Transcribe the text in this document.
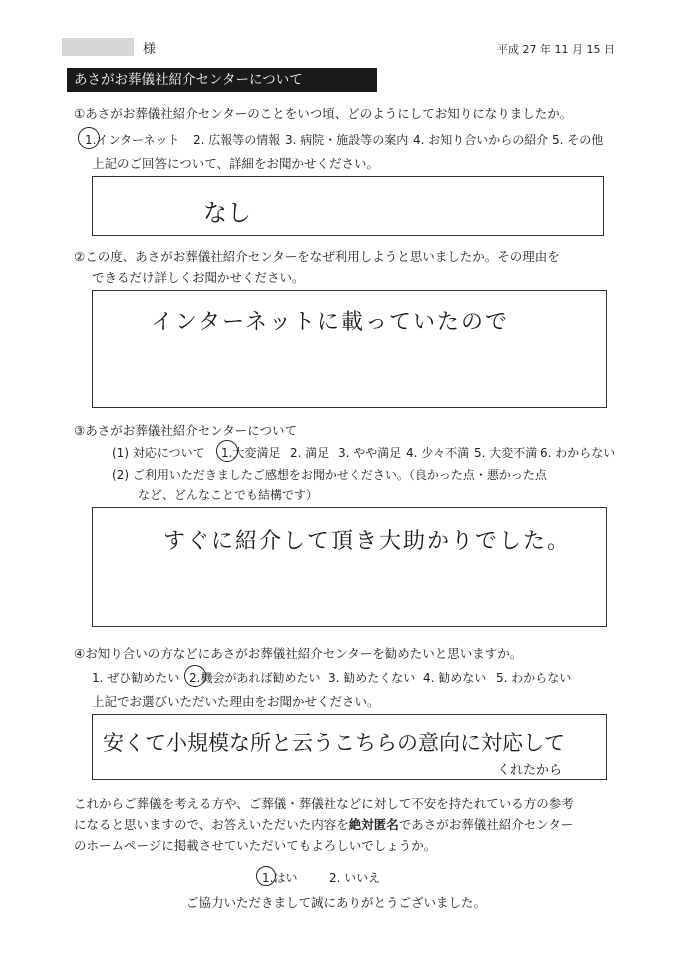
様	平成 27 年 11 月 15 日
あさがお葬儀社紹介センターについて
①あさがお葬儀社紹介センターのことをいつ頃、どのようにしてお知りになりましたか。
1.インターネット 2. 広報等の情報 3. 病院・施設等の案内 4. お知り合いからの紹介 5. その他
上記のご回答について、詳細をお聞かせください。
なし
②この度、あさがお葬儀社紹介センターをなぜ利用しようと思いましたか。その理由を
できるだけ詳しくお聞かせください。
インターネットに載っていたので
③あさがお葬儀社紹介センターについて
(1) 対応について 1.大変満足 2. 満足 3. やや満足 4. 少々不満 5. 大変不満 6. わからない
(2) ご利用いただきましたご感想をお聞かせください。（良かった点・悪かった点
など、どんなことでも結構です）
すぐに紹介して頂き大助かりでした。
④お知り合いの方などにあさがお葬儀社紹介センターを勧めたいと思いますか。
1. ぜひ勧めたい 2.機会があれば勧めたい 3. 勧めたくない 4. 勧めない 5. わからない
上記でお選びいただいた理由をお聞かせください。
安くて小規模な所と云うこちらの意向に対応して
くれたから
これからご葬儀を考える方や、ご葬儀・葬儀社などに対して不安を持たれている方の参考
になると思いますので、お答えいただいた内容を絶対匿名であさがお葬儀社紹介センター
のホームページに掲載させていただいてもよろしいでしょうか。
1.はい	2. いいえ
ご協力いただきまして誠にありがとうございました。
